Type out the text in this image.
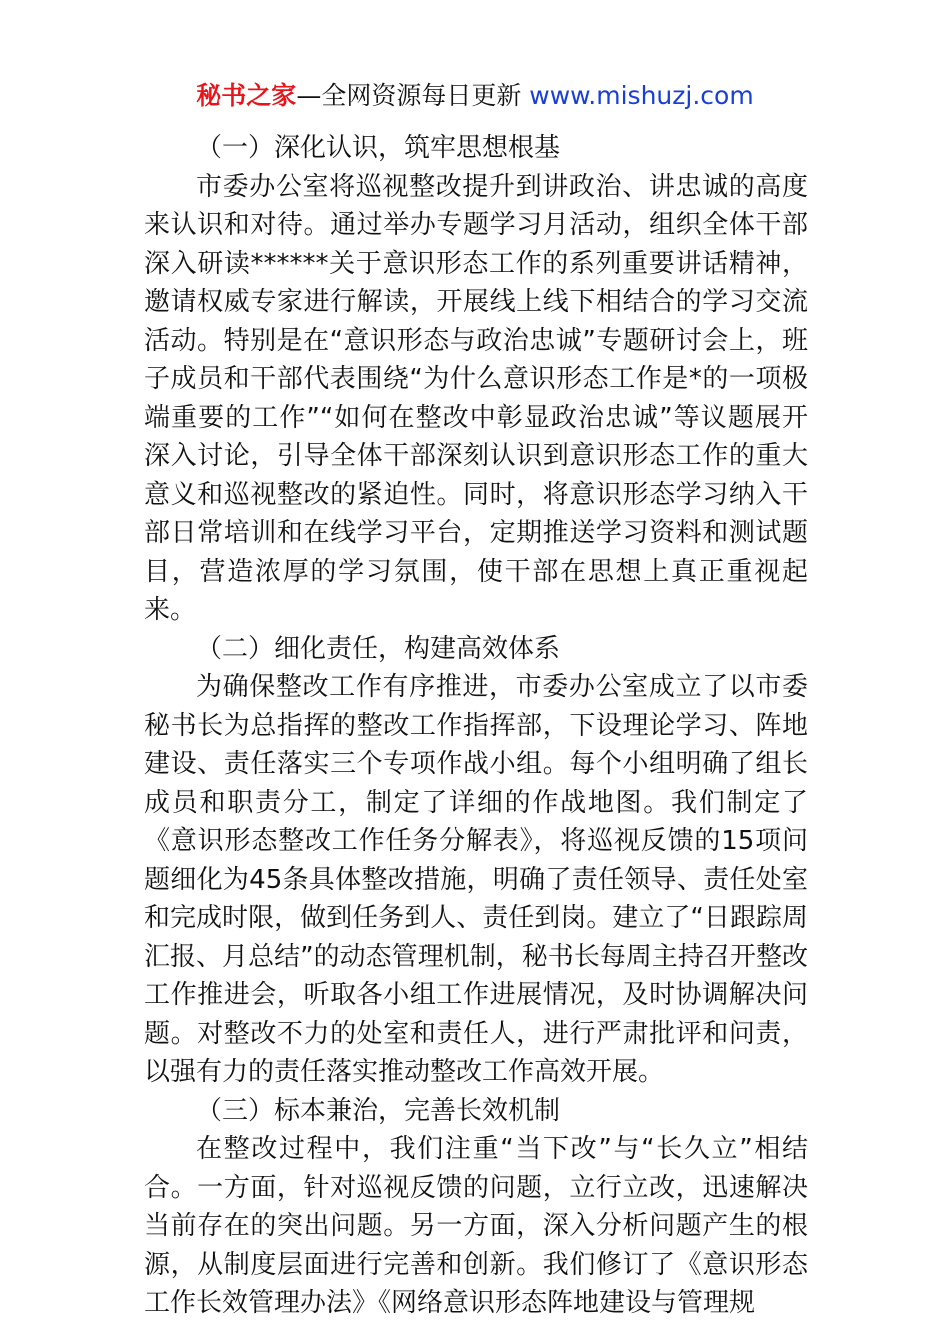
秘书之家—全网资源每日更新 www.mishuzj.com

（一）深化认识，筑牢思想根基

市委办公室将巡视整改提升到讲政治、讲忠诚的高度来认识和对待。通过举办专题学习月活动，组织全体干部深入研读******关于意识形态工作的系列重要讲话精神，邀请权威专家进行解读，开展线上线下相结合的学习交流活动。特别是在“意识形态与政治忠诚”专题研讨会上，班子成员和干部代表围绕“为什么意识形态工作是*的一项极端重要的工作”“如何在整改中彰显政治忠诚”等议题展开深入讨论，引导全体干部深刻认识到意识形态工作的重大意义和巡视整改的紧迫性。同时，将意识形态学习纳入干部日常培训和在线学习平台，定期推送学习资料和测试题目，营造浓厚的学习氛围，使干部在思想上真正重视起来。

（二）细化责任，构建高效体系

为确保整改工作有序推进，市委办公室成立了以市委秘书长为总指挥的整改工作指挥部，下设理论学习、阵地建设、责任落实三个专项作战小组。每个小组明确了组长成员和职责分工，制定了详细的作战地图。我们制定了《意识形态整改工作任务分解表》，将巡视反馈的15项问题细化为45条具体整改措施，明确了责任领导、责任处室和完成时限，做到任务到人、责任到岗。建立了“日跟踪周汇报、月总结”的动态管理机制，秘书长每周主持召开整改工作推进会，听取各小组工作进展情况，及时协调解决问题。对整改不力的处室和责任人，进行严肃批评和问责，以强有力的责任落实推动整改工作高效开展。

（三）标本兼治，完善长效机制

在整改过程中，我们注重“当下改”与“长久立”相结合。一方面，针对巡视反馈的问题，立行立改，迅速解决当前存在的突出问题。另一方面，深入分析问题产生的根源，从制度层面进行完善和创新。我们修订了《意识形态工作长效管理办法》《网络意识形态阵地建设与管理规
